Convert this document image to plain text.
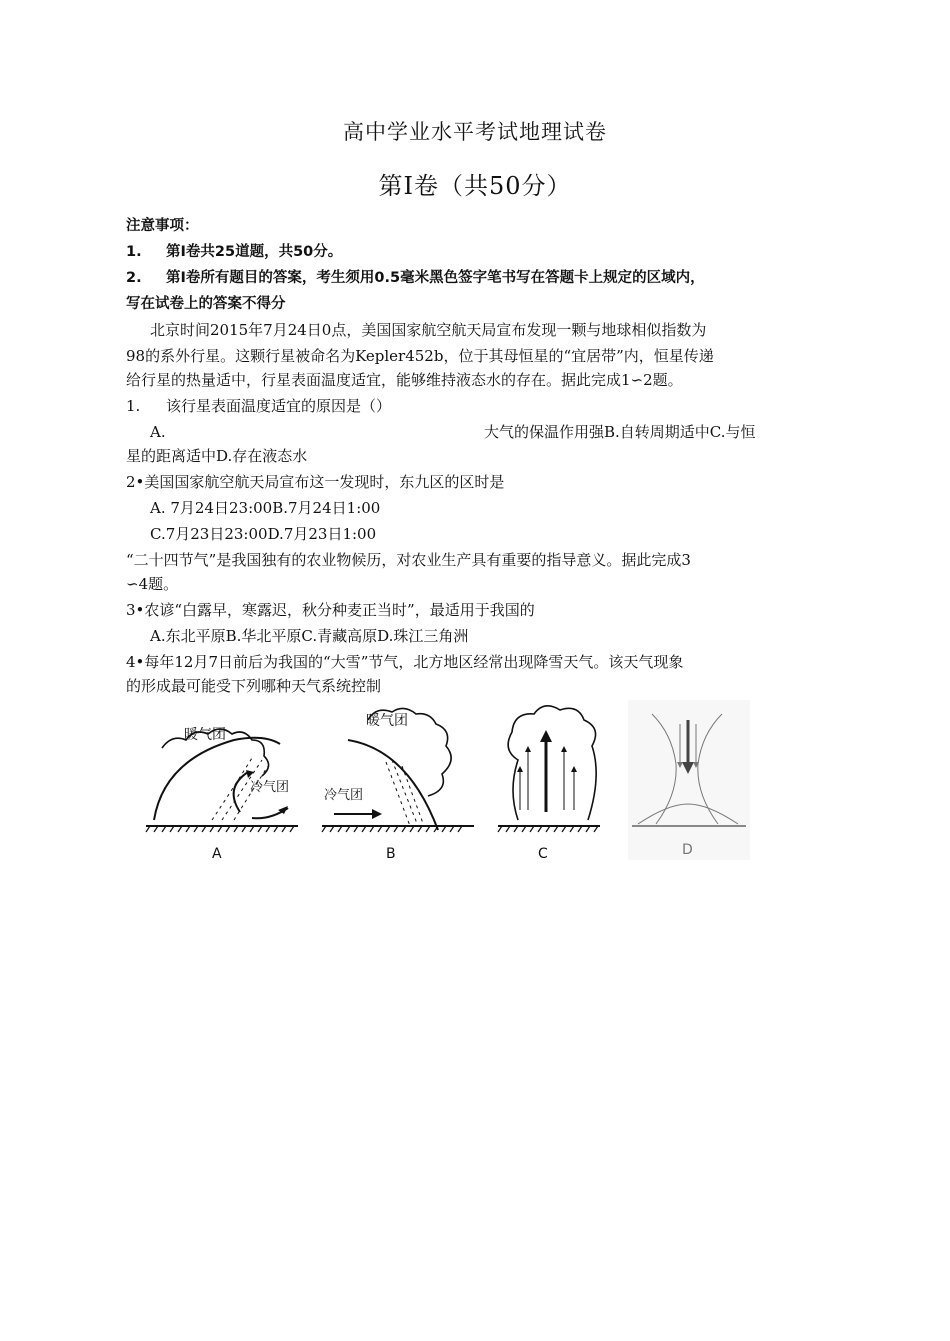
高中学业水平考试地理试卷
第Ⅰ卷（共50分）
注意事项：
1. 第Ⅰ卷共25道题，共50分。
2. 第Ⅰ卷所有题目的答案，考生须用0.5毫米黑色签字笔书写在答题卡上规定的区域内，
写在试卷上的答案不得分
北京时间2015年7月24日0点，美国国家航空航天局宣布发现一颗与地球相似指数为
98的系外行星。这颗行星被命名为Kepler452b，位于其母恒星的“宜居带”内，恒星传递
给行星的热量适中，行星表面温度适宜，能够维持液态水的存在。据此完成1∽2题。
1. 该行星表面温度适宜的原因是（）
A.	大气的保温作用强B.自转周期适中C.与恒
星的距离适中D.存在液态水
2•美国国家航空航天局宣布这一发现时，东九区的区时是
A. 7月24日23:00B.7月24日1:00
C.7月23日23:00D.7月23日1:00
“二十四节气”是我国独有的农业物候历，对农业生产具有重要的指导意义。据此完成3
∽4题。
3•农谚“白露早，寒露迟，秋分种麦正当时”，最适用于我国的
A.东北平原B.华北平原C.青藏高原D.珠江三角洲
4•每年12月7日前后为我国的“大雪”节气，北方地区经常出现降雪天气。该天气现象
的形成最可能受下列哪种天气系统控制
暖气团
冷气团
A
暖气团
冷气团
B	C	D
